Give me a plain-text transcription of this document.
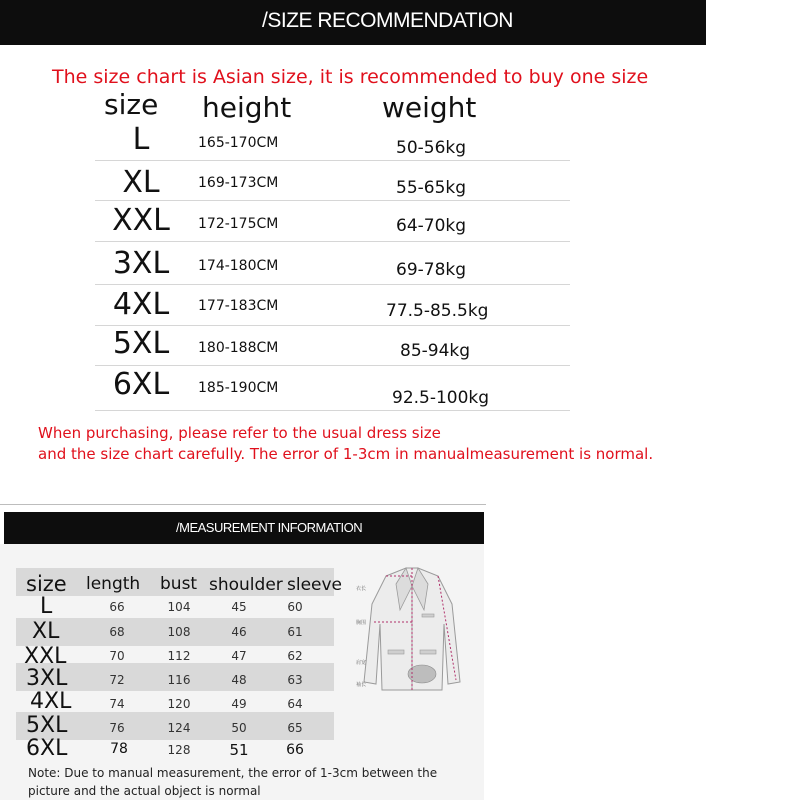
/SIZE RECOMMENDATION
The size chart is Asian size, it is recommended to buy one size
size height	weight
L	165-170CM	50-56kg
XL	169-173CM	55-65kg
XXL	172-175CM	64-70kg
3XL	174-180CM	69-78kg
4XL	177-183CM	77.5-85.5kg
5XL	180-188CM	85-94kg
6XL	185-190CM	92.5-100kg
When purchasing, please refer to the usual dress size
and the size chart carefully. The error of 1-3cm in manualmeasurement is normal.
/MEASUREMENT INFORMATION
size length bust shoulder sleeve
L	66	104	45	60
XL	68	108	46	61
XXL	70	112	47	62
3XL	72	116	48	63
4XL	74	120	49	64
5XL	76	124	50	65
6XL	78	128	51	66
Note: Due to manual measurement, the error of 1-3cm between the
picture and the actual object is normal
衣长
胸围
肩宽
袖长
